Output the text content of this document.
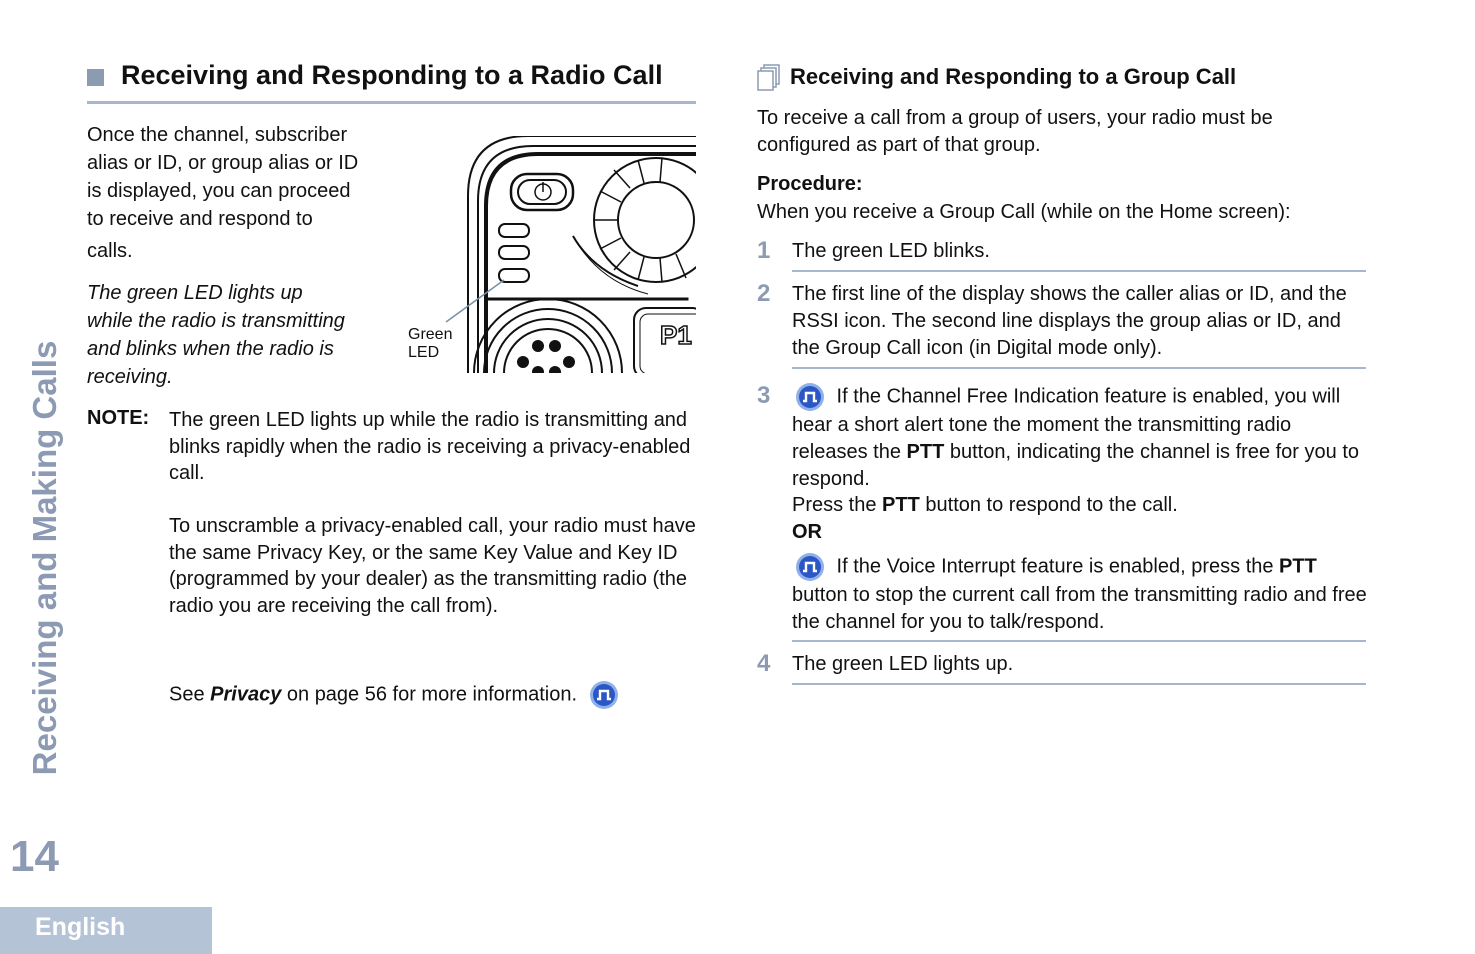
Receiving and Making Calls
14
English
Receiving and Responding to a Radio Call
Once the channel, subscriber
alias or ID, or group alias or ID
is displayed, you can proceed
to receive and respond to
calls.
The green LED lights up
while the radio is transmitting
and blinks when the radio is
receiving.
P1
Green
LED
NOTE: The green LED lights up while the radio is transmitting and blinks rapidly when the radio is receiving a privacy-enabled call.
To unscramble a privacy-enabled call, your radio must have the same Privacy Key, or the same Key Value and Key ID (programmed by your dealer) as the transmitting radio (the radio you are receiving the call from).
See Privacy on page 56 for more information.
Receiving and Responding to a Group Call
To receive a call from a group of users, your radio must be configured as part of that group.
Procedure:
When you receive a Group Call (while on the Home screen):
1 The green LED blinks.
2 The first line of the display shows the caller alias or ID, and the RSSI icon. The second line displays the group alias or ID, and the Group Call icon (in Digital mode only).
3	If the Channel Free Indication feature is enabled, you will hear a short alert tone the moment the transmitting radio releases the PTT button, indicating the channel is free for you to respond.
Press the PTT button to respond to the call.
OR
If the Voice Interrupt feature is enabled, press the PTT button to stop the current call from the transmitting radio and free the channel for you to talk/respond.
4 The green LED lights up.
